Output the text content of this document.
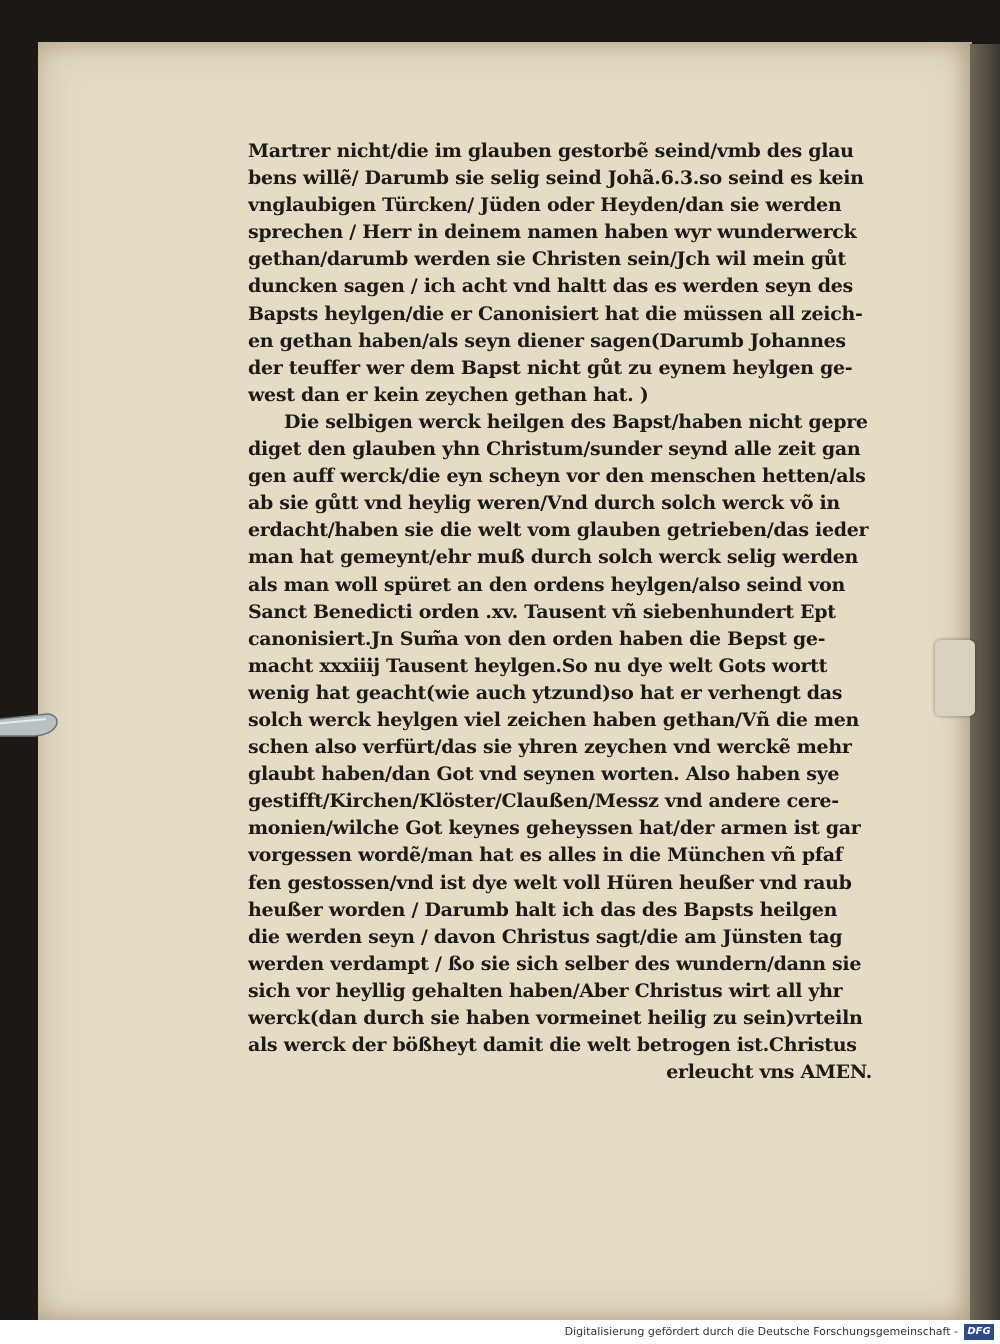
Martrer nicht/die im glauben gestorbẽ seind/vmb des glau
bens willẽ/ Darumb sie selig seind Johã.6.3.so seind es kein
vnglaubigen Türcken/ Jüden oder Heyden/dan sie werden
sprechen / Herr in deinem namen haben wyr wunderwerck
gethan/darumb werden sie Christen sein/Jch wil mein gůt
duncken sagen / ich acht vnd haltt das es werden seyn des
Bapsts heylgen/die er Canonisiert hat die müssen all zeich-
en gethan haben/als seyn diener sagen(Darumb Johannes
der teuffer wer dem Bapst nicht gůt zu eynem heylgen ge-
west dan er kein zeychen gethan hat. )
Die selbigen werck heilgen des Bapst/haben nicht gepre
diget den glauben yhn Christum/sunder seynd alle zeit gan
gen auff werck/die eyn scheyn vor den menschen hetten/als
ab sie gůtt vnd heylig weren/Vnd durch solch werck võ in
erdacht/haben sie die welt vom glauben getrieben/das ieder
man hat gemeynt/ehr muß durch solch werck selig werden
als man woll spüret an den ordens heylgen/also seind von
Sanct Benedicti orden .xv. Tausent vñ siebenhundert Ept
canonisiert.Jn Sum̃a von den orden haben die Bepst ge-
macht xxxiiij Tausent heylgen.So nu dye welt Gots wortt
wenig hat geacht(wie auch ytzund)so hat er verhengt das
solch werck heylgen viel zeichen haben gethan/Vñ die men
schen also verfürt/das sie yhren zeychen vnd werckẽ mehr
glaubt haben/dan Got vnd seynen worten. Also haben sye
gestifft/Kirchen/Klöster/Claußen/Messz vnd andere cere-
monien/wilche Got keynes geheyssen hat/der armen ist gar
vorgessen wordẽ/man hat es alles in die München vñ pfaf
fen gestossen/vnd ist dye welt voll Hüren heußer vnd raub
heußer worden / Darumb halt ich das des Bapsts heilgen
die werden seyn / davon Christus sagt/die am Jünsten tag
werden verdampt / ßo sie sich selber des wundern/dann sie
sich vor heyllig gehalten haben/Aber Christus wirt all yhr
werck(dan durch sie haben vormeinet heilig zu sein)vrteiln
als werck der bößheyt damit die welt betrogen ist.Christus
erleucht vns AMEN.
Digitalisierung gefördert durch die Deutsche Forschungsgemeinschaft - DFG
